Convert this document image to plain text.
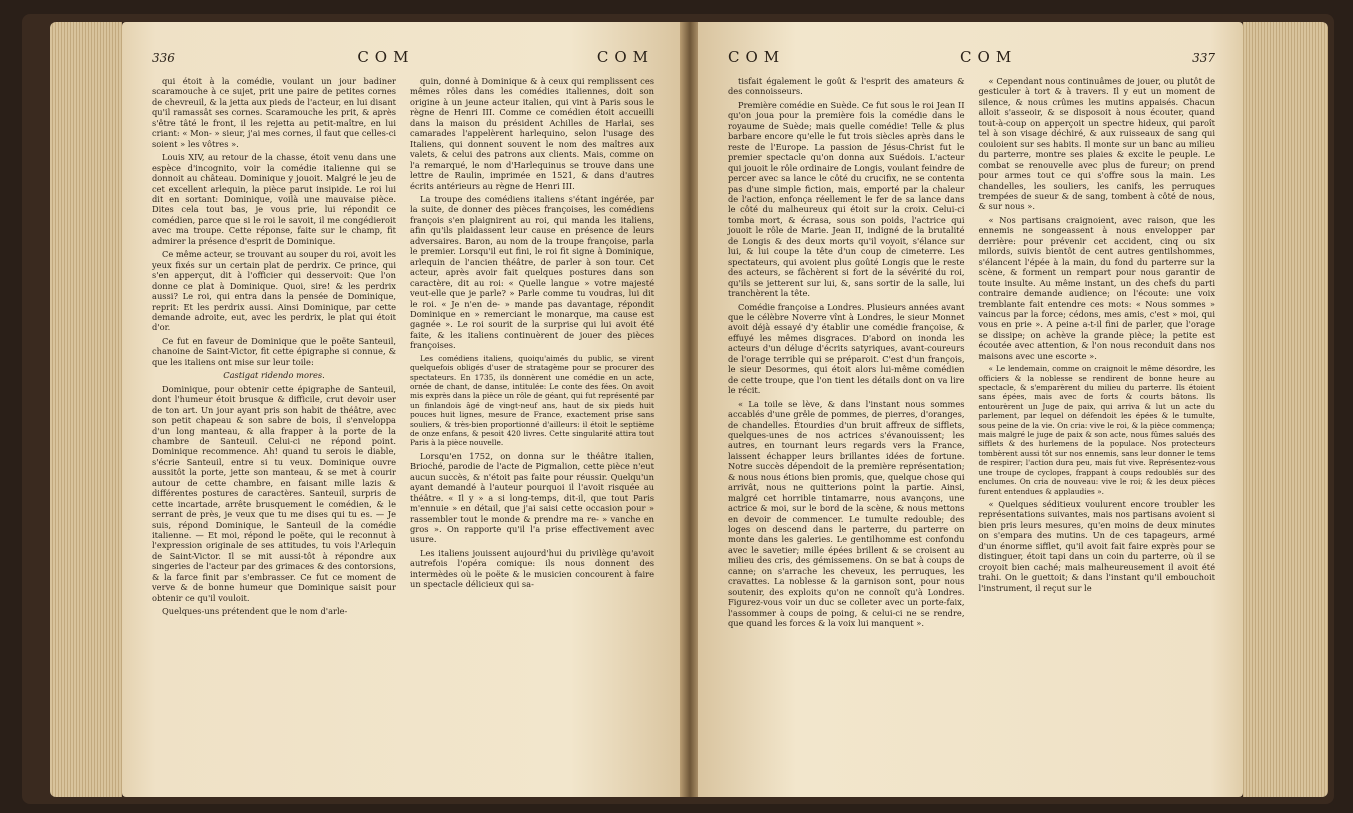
336	COM	COM

qui étoit à la comédie, voulant un jour badiner scaramouche à ce sujet, prit une paire de petites cornes de chevreuil, & la jetta aux pieds de l'acteur, en lui disant qu'il ramassât ses cornes. Scaramouche les prit, & après s'être tâté le front, il les rejetta au petit-maître, en lui criant: « Mon- » sieur, j'ai mes cornes, il faut que celles-ci soient » les vôtres ».

Louis XIV, au retour de la chasse, étoit venu dans une espèce d'incognito, voir la comédie italienne qui se donnoit au château. Dominique y jouoit. Malgré le jeu de cet excellent arlequin, la pièce parut insipide. Le roi lui dit en sortant: Dominique, voilà une mauvaise pièce. Dites cela tout bas, je vous prie, lui répondit ce comédien, parce que si le roi le savoit, il me congédieroit avec ma troupe. Cette réponse, faite sur le champ, fit admirer la présence d'esprit de Dominique.

Ce même acteur, se trouvant au souper du roi, avoit les yeux fixés sur un certain plat de perdrix. Ce prince, qui s'en apperçut, dit à l'officier qui desservoit: Que l'on donne ce plat à Dominique. Quoi, sire! & les perdrix aussi? Le roi, qui entra dans la pensée de Dominique, reprit: Et les perdrix aussi. Ainsi Dominique, par cette demande adroite, eut, avec les perdrix, le plat qui étoit d'or.

Ce fut en faveur de Dominique que le poëte Santeuil, chanoine de Saint-Victor, fit cette épigraphe si connue, & que les italiens ont mise sur leur toile:

Castigat ridendo mores.

Dominique, pour obtenir cette épigraphe de Santeuil, dont l'humeur étoit brusque & difficile, crut devoir user de ton art. Un jour ayant pris son habit de théâtre, avec son petit chapeau & son sabre de bois, il s'enveloppa d'un long manteau, & alla frapper à la porte de la chambre de Santeuil. Celui-ci ne répond point. Dominique recommence. Ah! quand tu serois le diable, s'écrie Santeuil, entre si tu veux. Dominique ouvre aussitôt la porte, jette son manteau, & se met à courir autour de cette chambre, en faisant mille lazis & différentes postures de caractères. Santeuil, surpris de cette incartade, arrête brusquement le comédien, & le serrant de près, je veux que tu me dises qui tu es. — Je suis, répond Dominique, le Santeuil de la comédie italienne. — Et moi, répond le poëte, qui le reconnut à l'expression originale de ses attitudes, tu vois l'Arlequin de Saint-Victor. Il se mit aussi-tôt à répondre aux singeries de l'acteur par des grimaces & des contorsions, & la farce finit par s'embrasser. Ce fut ce moment de verve & de bonne humeur que Dominique saisit pour obtenir ce qu'il vouloit.

Quelques-uns prétendent que le nom d'arle-

quin, donné à Dominique & à ceux qui remplissent ces mêmes rôles dans les comédies italiennes, doit son origine à un jeune acteur italien, qui vint à Paris sous le règne de Henri III. Comme ce comédien étoit accueilli dans la maison du président Achilles de Harlai, ses camarades l'appelèrent harlequino, selon l'usage des Italiens, qui donnent souvent le nom des maîtres aux valets, & celui des patrons aux clients. Mais, comme on l'a remarqué, le nom d'Harlequinus se trouve dans une lettre de Raulin, imprimée en 1521, & dans d'autres écrits antérieurs au règne de Henri III.

La troupe des comédiens italiens s'étant ingérée, par la suite, de donner des pièces françoises, les comédiens françois s'en plaignirent au roi, qui manda les italiens, afin qu'ils plaidassent leur cause en présence de leurs adversaires. Baron, au nom de la troupe françoise, parla le premier. Lorsqu'il eut fini, le roi fit signe à Dominique, arlequin de l'ancien théâtre, de parler à son tour. Cet acteur, après avoir fait quelques postures dans son caractère, dit au roi: « Quelle langue » votre majesté veut-elle que je parle? » Parle comme tu voudras, lui dit le roi. « Je n'en de- » mande pas davantage, répondit Dominique en » remerciant le monarque, ma cause est gagnée ». Le roi sourit de la surprise qui lui avoit été faite, & les italiens continuèrent de jouer des pièces françoises.

Les comédiens italiens, quoiqu'aimés du public, se virent quelquefois obligés d'user de stratagème pour se procurer des spectateurs. En 1735, ils donnèrent une comédie en un acte, ornée de chant, de danse, intitulée: Le conte des fées. On avoit mis exprès dans la pièce un rôle de géant, qui fut représenté par un finlandois âgé de vingt-neuf ans, haut de six pieds huit pouces huit lignes, mesure de France, exactement prise sans souliers, & très-bien proportionné d'ailleurs: il étoit le septième de onze enfans, & pesoit 420 livres. Cette singularité attira tout Paris à la pièce nouvelle.

Lorsqu'en 1752, on donna sur le théâtre italien, Brioché, parodie de l'acte de Pigmalion, cette pièce n'eut aucun succès, & n'étoit pas faite pour réussir. Quelqu'un ayant demandé à l'auteur pourquoi il l'avoit risquée au théâtre. « Il y » a si long-temps, dit-il, que tout Paris m'ennuie » en détail, que j'ai saisi cette occasion pour » rassembler tout le monde & prendre ma re- » vanche en gros ». On rapporte qu'il l'a prise effectivement avec usure.

Les italiens jouissent aujourd'hui du privilège qu'avoit autrefois l'opéra comique: ils nous donnent des intermèdes où le poëte & le musicien concourent à faire un spectacle délicieux qui sa-

COM	COM	337

tisfait également le goût & l'esprit des amateurs & des connoisseurs.

Première comédie en Suède. Ce fut sous le roi Jean II qu'on joua pour la première fois la comédie dans le royaume de Suède; mais quelle comédie! Telle & plus barbare encore qu'elle le fut trois siècles après dans le reste de l'Europe. La passion de Jésus-Christ fut le premier spectacle qu'on donna aux Suédois. L'acteur qui jouoit le rôle ordinaire de Longis, voulant feindre de percer avec sa lance le côté du crucifix, ne se contenta pas d'une simple fiction, mais, emporté par la chaleur de l'action, enfonça réellement le fer de sa lance dans le côté du malheureux qui étoit sur la croix. Celui-ci tomba mort, & écrasa, sous son poids, l'actrice qui jouoit le rôle de Marie. Jean II, indigné de la brutalité de Longis & des deux morts qu'il voyoit, s'élance sur lui, & lui coupe la tête d'un coup de cimeterre. Les spectateurs, qui avoient plus goûté Longis que le reste des acteurs, se fâchèrent si fort de la sévérité du roi, qu'ils se jetterent sur lui, &, sans sortir de la salle, lui tranchèrent la tête.

Comédie françoise a Londres. Plusieurs années avant que le célèbre Noverre vînt à Londres, le sieur Monnet avoit déjà essayé d'y établir une comédie françoise, & effuyé les mêmes disgraces. D'abord on inonda les acteurs d'un déluge d'écrits satyriques, avant-coureurs de l'orage terrible qui se préparoit. C'est d'un françois, le sieur Desormes, qui étoit alors lui-même comédien de cette troupe, que l'on tient les détails dont on va lire le récit.

« La toile se lève, & dans l'instant nous sommes accablés d'une grêle de pommes, de pierres, d'oranges, de chandelles. Étourdies d'un bruit affreux de sifflets, quelques-unes de nos actrices s'évanouissent; les autres, en tournant leurs regards vers la France, laissent échapper leurs brillantes idées de fortune. Notre succès dépendoit de la première représentation; & nous nous étions bien promis, que, quelque chose qui arrivât, nous ne quitterions point la partie. Ainsi, malgré cet horrible tintamarre, nous avançons, une actrice & moi, sur le bord de la scène, & nous mettons en devoir de commencer. Le tumulte redouble; des loges on descend dans le parterre, du parterre on monte dans les galeries. Le gentilhomme est confondu avec le savetier; mille épées brillent & se croisent au milieu des cris, des gémissemens. On se bat à coups de canne; on s'arrache les cheveux, les perruques, les cravattes. La noblesse & la garnison sont, pour nous soutenir, des exploits qu'on ne connoît qu'à Londres. Figurez-vous voir un duc se colleter avec un porte-faix, l'assommer à coups de poing, & celui-ci ne se rendre, que quand les forces & la voix lui manquent ».

« Cependant nous continuâmes de jouer, ou plutôt de gesticuler à tort & à travers. Il y eut un moment de silence, & nous crûmes les mutins appaisés. Chacun alloit s'asseoir, & se disposoit à nous écouter, quand tout-à-coup on apperçoit un spectre hideux, qui paroît tel à son visage déchiré, & aux ruisseaux de sang qui couloient sur ses habits. Il monte sur un banc au milieu du parterre, montre ses plaies & excite le peuple. Le combat se renouvelle avec plus de fureur; on prend pour armes tout ce qui s'offre sous la main. Les chandelles, les souliers, les canifs, les perruques trempées de sueur & de sang, tombent à côté de nous, & sur nous ».

« Nos partisans craignoient, avec raison, que les ennemis ne songeassent à nous envelopper par derrière: pour prévenir cet accident, cinq ou six milords, suivis bientôt de cent autres gentilshommes, s'élancent l'épée à la main, du fond du parterre sur la scène, & forment un rempart pour nous garantir de toute insulte. Au même instant, un des chefs du parti contraire demande audience; on l'écoute: une voix tremblante fait entendre ces mots: « Nous sommes » vaincus par la force; cédons, mes amis, c'est » moi, qui vous en prie ». A peine a-t-il fini de parler, que l'orage se dissipe; on achève la grande pièce; la petite est écoutée avec attention, & l'on nous reconduit dans nos maisons avec une escorte ».

« Le lendemain, comme on craignoit le même désordre, les officiers & la noblesse se rendirent de bonne heure au spectacle, & s'emparèrent du milieu du parterre. Ils étoient sans épées, mais avec de forts & courts bâtons. Ils entourèrent un Juge de paix, qui arriva & lut un acte du parlement, par lequel on défendoit les épées & le tumulte, sous peine de la vie. On cria: vive le roi, & la pièce commença; mais malgré le juge de paix & son acte, nous fûmes salués des sifflets & des hurlemens de la populace. Nos protecteurs tombèrent aussi tôt sur nos ennemis, sans leur donner le tems de respirer; l'action dura peu, mais fut vive. Représentez-vous une troupe de cyclopes, frappant à coups redoublés sur des enclumes. On cria de nouveau: vive le roi; & les deux pièces furent entendues & applaudies ».

« Quelques séditieux voulurent encore troubler les représentations suivantes, mais nos partisans avoient si bien pris leurs mesures, qu'en moins de deux minutes on s'empara des mutins. Un de ces tapageurs, armé d'un énorme sifflet, qu'il avoit fait faire exprès pour se distinguer, étoit tapi dans un coin du parterre, où il se croyoit bien caché; mais malheureusement il avoit été trahi. On le guettoit; & dans l'instant qu'il embouchoit l'instrument, il reçut sur le
